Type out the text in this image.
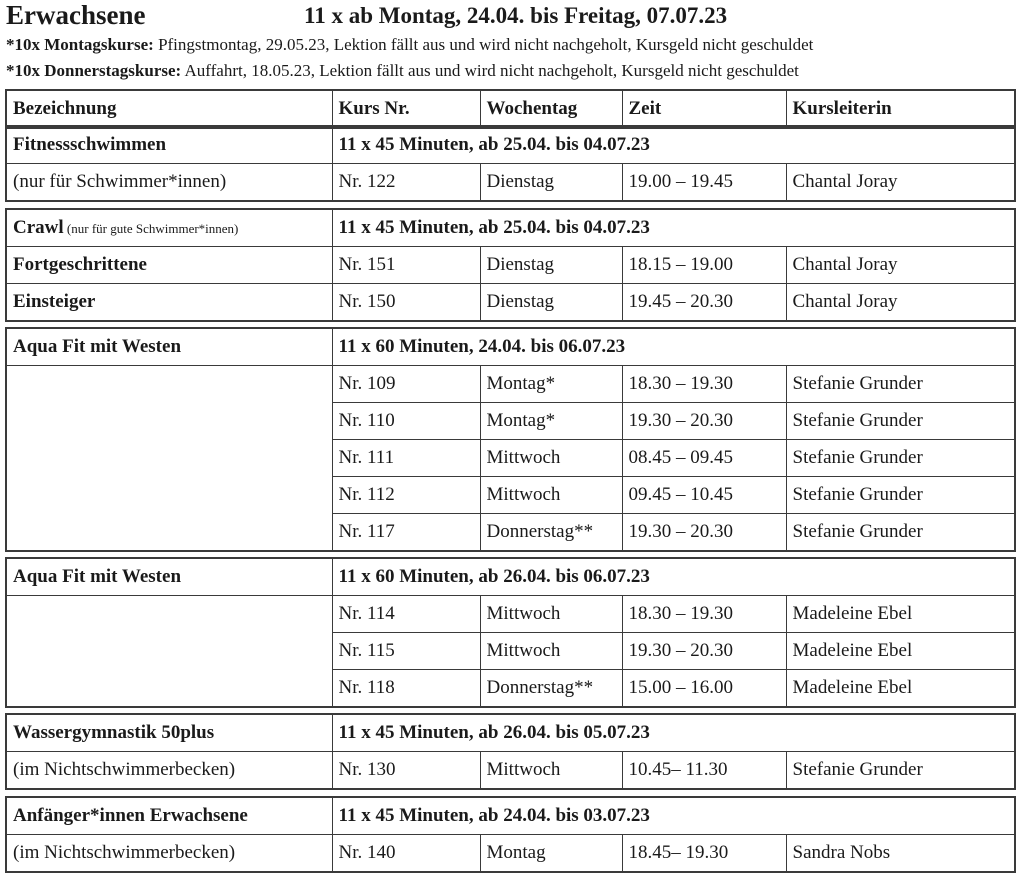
Erwachsene	11 x ab Montag, 24.04. bis Freitag, 07.07.23
*10x Montagskurse: Pfingstmontag, 29.05.23, Lektion fällt aus und wird nicht nachgeholt, Kursgeld nicht geschuldet
*10x Donnerstagskurse: Auffahrt, 18.05.23, Lektion fällt aus und wird nicht nachgeholt, Kursgeld nicht geschuldet
Bezeichnung	Kurs Nr.	Wochentag	Zeit	Kursleiterin
Fitnessschwimmen	11 x 45 Minuten, ab 25.04. bis 04.07.23			
(nur für Schwimmer*innen)	Nr. 122	Dienstag	19.00 – 19.45	Chantal Joray
Crawl (nur für gute Schwimmer*innen)	11 x 45 Minuten, ab 25.04. bis 04.07.23			
Fortgeschrittene	Nr. 151	Dienstag	18.15 – 19.00	Chantal Joray
Einsteiger	Nr. 150	Dienstag	19.45 – 20.30	Chantal Joray
Aqua Fit mit Westen	11 x 60 Minuten, 24.04. bis 06.07.23			
	Nr. 109	Montag*	18.30 – 19.30	Stefanie Grunder
	Nr. 110	Montag*	19.30 – 20.30	Stefanie Grunder
	Nr. 111	Mittwoch	08.45 – 09.45	Stefanie Grunder
	Nr. 112	Mittwoch	09.45 – 10.45	Stefanie Grunder
	Nr. 117	Donnerstag**	19.30 – 20.30	Stefanie Grunder
Aqua Fit mit Westen	11 x 60 Minuten, ab 26.04. bis 06.07.23			
	Nr. 114	Mittwoch	18.30 – 19.30	Madeleine Ebel
	Nr. 115	Mittwoch	19.30 – 20.30	Madeleine Ebel
	Nr. 118	Donnerstag**	15.00 – 16.00	Madeleine Ebel
Wassergymnastik 50plus	11 x 45 Minuten, ab 26.04. bis 05.07.23			
(im Nichtschwimmerbecken)	Nr. 130	Mittwoch	10.45– 11.30	Stefanie Grunder
Anfänger*innen Erwachsene	11 x 45 Minuten, ab 24.04. bis 03.07.23			
(im Nichtschwimmerbecken)	Nr. 140	Montag	18.45– 19.30	Sandra Nobs
